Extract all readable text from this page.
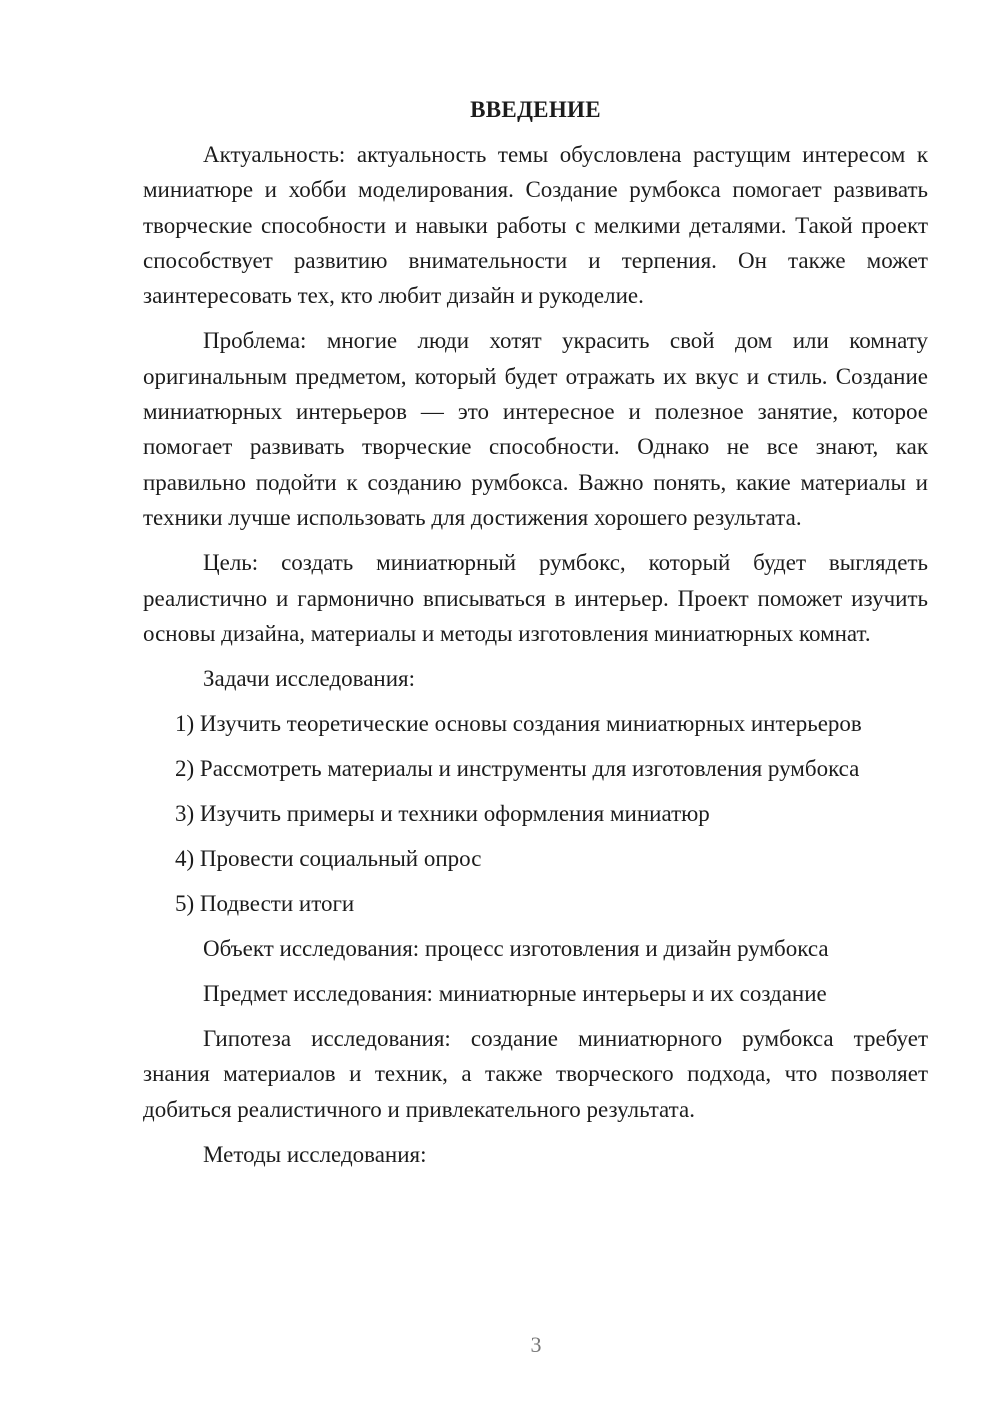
ВВЕДЕНИЕ

Актуальность: актуальность темы обусловлена растущим интересом к миниатюре и хобби моделирования. Создание румбокса помогает развивать творческие способности и навыки работы с мелкими деталями. Такой проект способствует развитию внимательности и терпения. Он также может заинтересовать тех, кто любит дизайн и рукоделие.

Проблема: многие люди хотят украсить свой дом или комнату оригинальным предметом, который будет отражать их вкус и стиль. Создание миниатюрных интерьеров — это интересное и полезное занятие, которое помогает развивать творческие способности. Однако не все знают, как правильно подойти к созданию румбокса. Важно понять, какие материалы и техники лучше использовать для достижения хорошего результата.

Цель: создать миниатюрный румбокс, который будет выглядеть реалистично и гармонично вписываться в интерьер. Проект поможет изучить основы дизайна, материалы и методы изготовления миниатюрных комнат.

Задачи исследования:

1) Изучить теоретические основы создания миниатюрных интерьеров
2) Рассмотреть материалы и инструменты для изготовления румбокса
3) Изучить примеры и техники оформления миниатюр
4) Провести социальный опрос
5) Подвести итоги

Объект исследования: процесс изготовления и дизайн румбокса

Предмет исследования: миниатюрные интерьеры и их создание

Гипотеза исследования: создание миниатюрного румбокса требует знания материалов и техник, а также творческого подхода, что позволяет добиться реалистичного и привлекательного результата.

Методы исследования:

3
